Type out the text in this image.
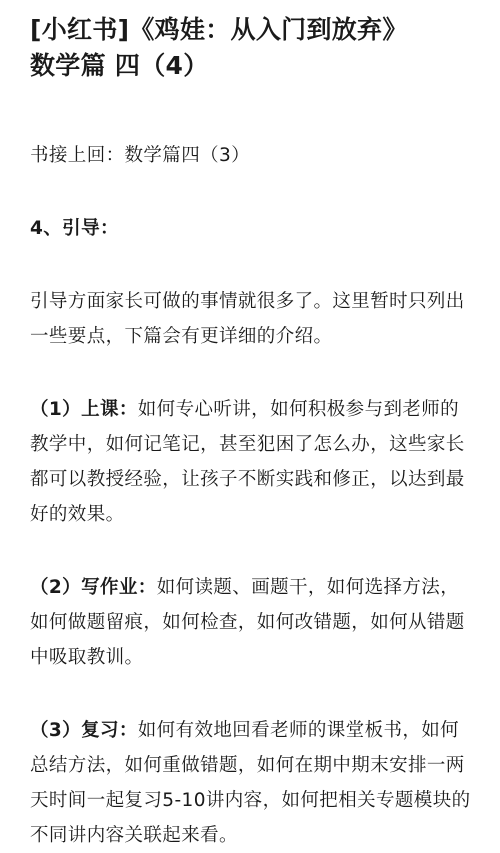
[小红书]《鸡娃：从入门到放弃》
数学篇 四（4）

书接上回：数学篇四（3）

4、引导：

引导方面家长可做的事情就很多了。这里暂时只列出一些要点，下篇会有更详细的介绍。

（1）上课：如何专心听讲，如何积极参与到老师的教学中，如何记笔记，甚至犯困了怎么办，这些家长都可以教授经验，让孩子不断实践和修正，以达到最好的效果。

（2）写作业：如何读题、画题干，如何选择方法，如何做题留痕，如何检查，如何改错题，如何从错题中吸取教训。

（3）复习：如何有效地回看老师的课堂板书，如何总结方法，如何重做错题，如何在期中期末安排一两天时间一起复习5-10讲内容，如何把相关专题模块的不同讲内容关联起来看。
